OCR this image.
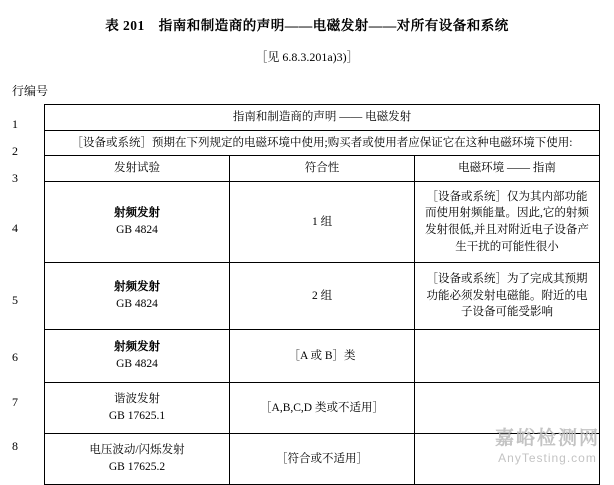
表 201　指南和制造商的声明——电磁发射——对所有设备和系统
［见 6.8.3.201a)3)］
行编号
1
2
3
4
5
6
7
8
指南和制造商的声明 —— 电磁发射		
［设备或系统］预期在下列规定的电磁环境中使用;购买者或使用者应保证它在这种电磁环境下使用:		
发射试验	符合性	电磁环境 —— 指南

射频发射
GB 4824	1 组	［设备或系统］仅为其内部功能而使用射频能量。因此,它的射频发射很低,并且对附近电子设备产生干扰的可能性很小

射频发射
GB 4824	2 组	［设备或系统］为了完成其预期功能必须发射电磁能。附近的电子设备可能受影响

射频发射
GB 4824	［A 或 B］类	

谐波发射
GB 17625.1	［A,B,C,D 类或不适用］	

电压波动/闪烁发射
GB 17625.2	［符合或不适用］	
嘉峪检测网
AnyTesting.com
